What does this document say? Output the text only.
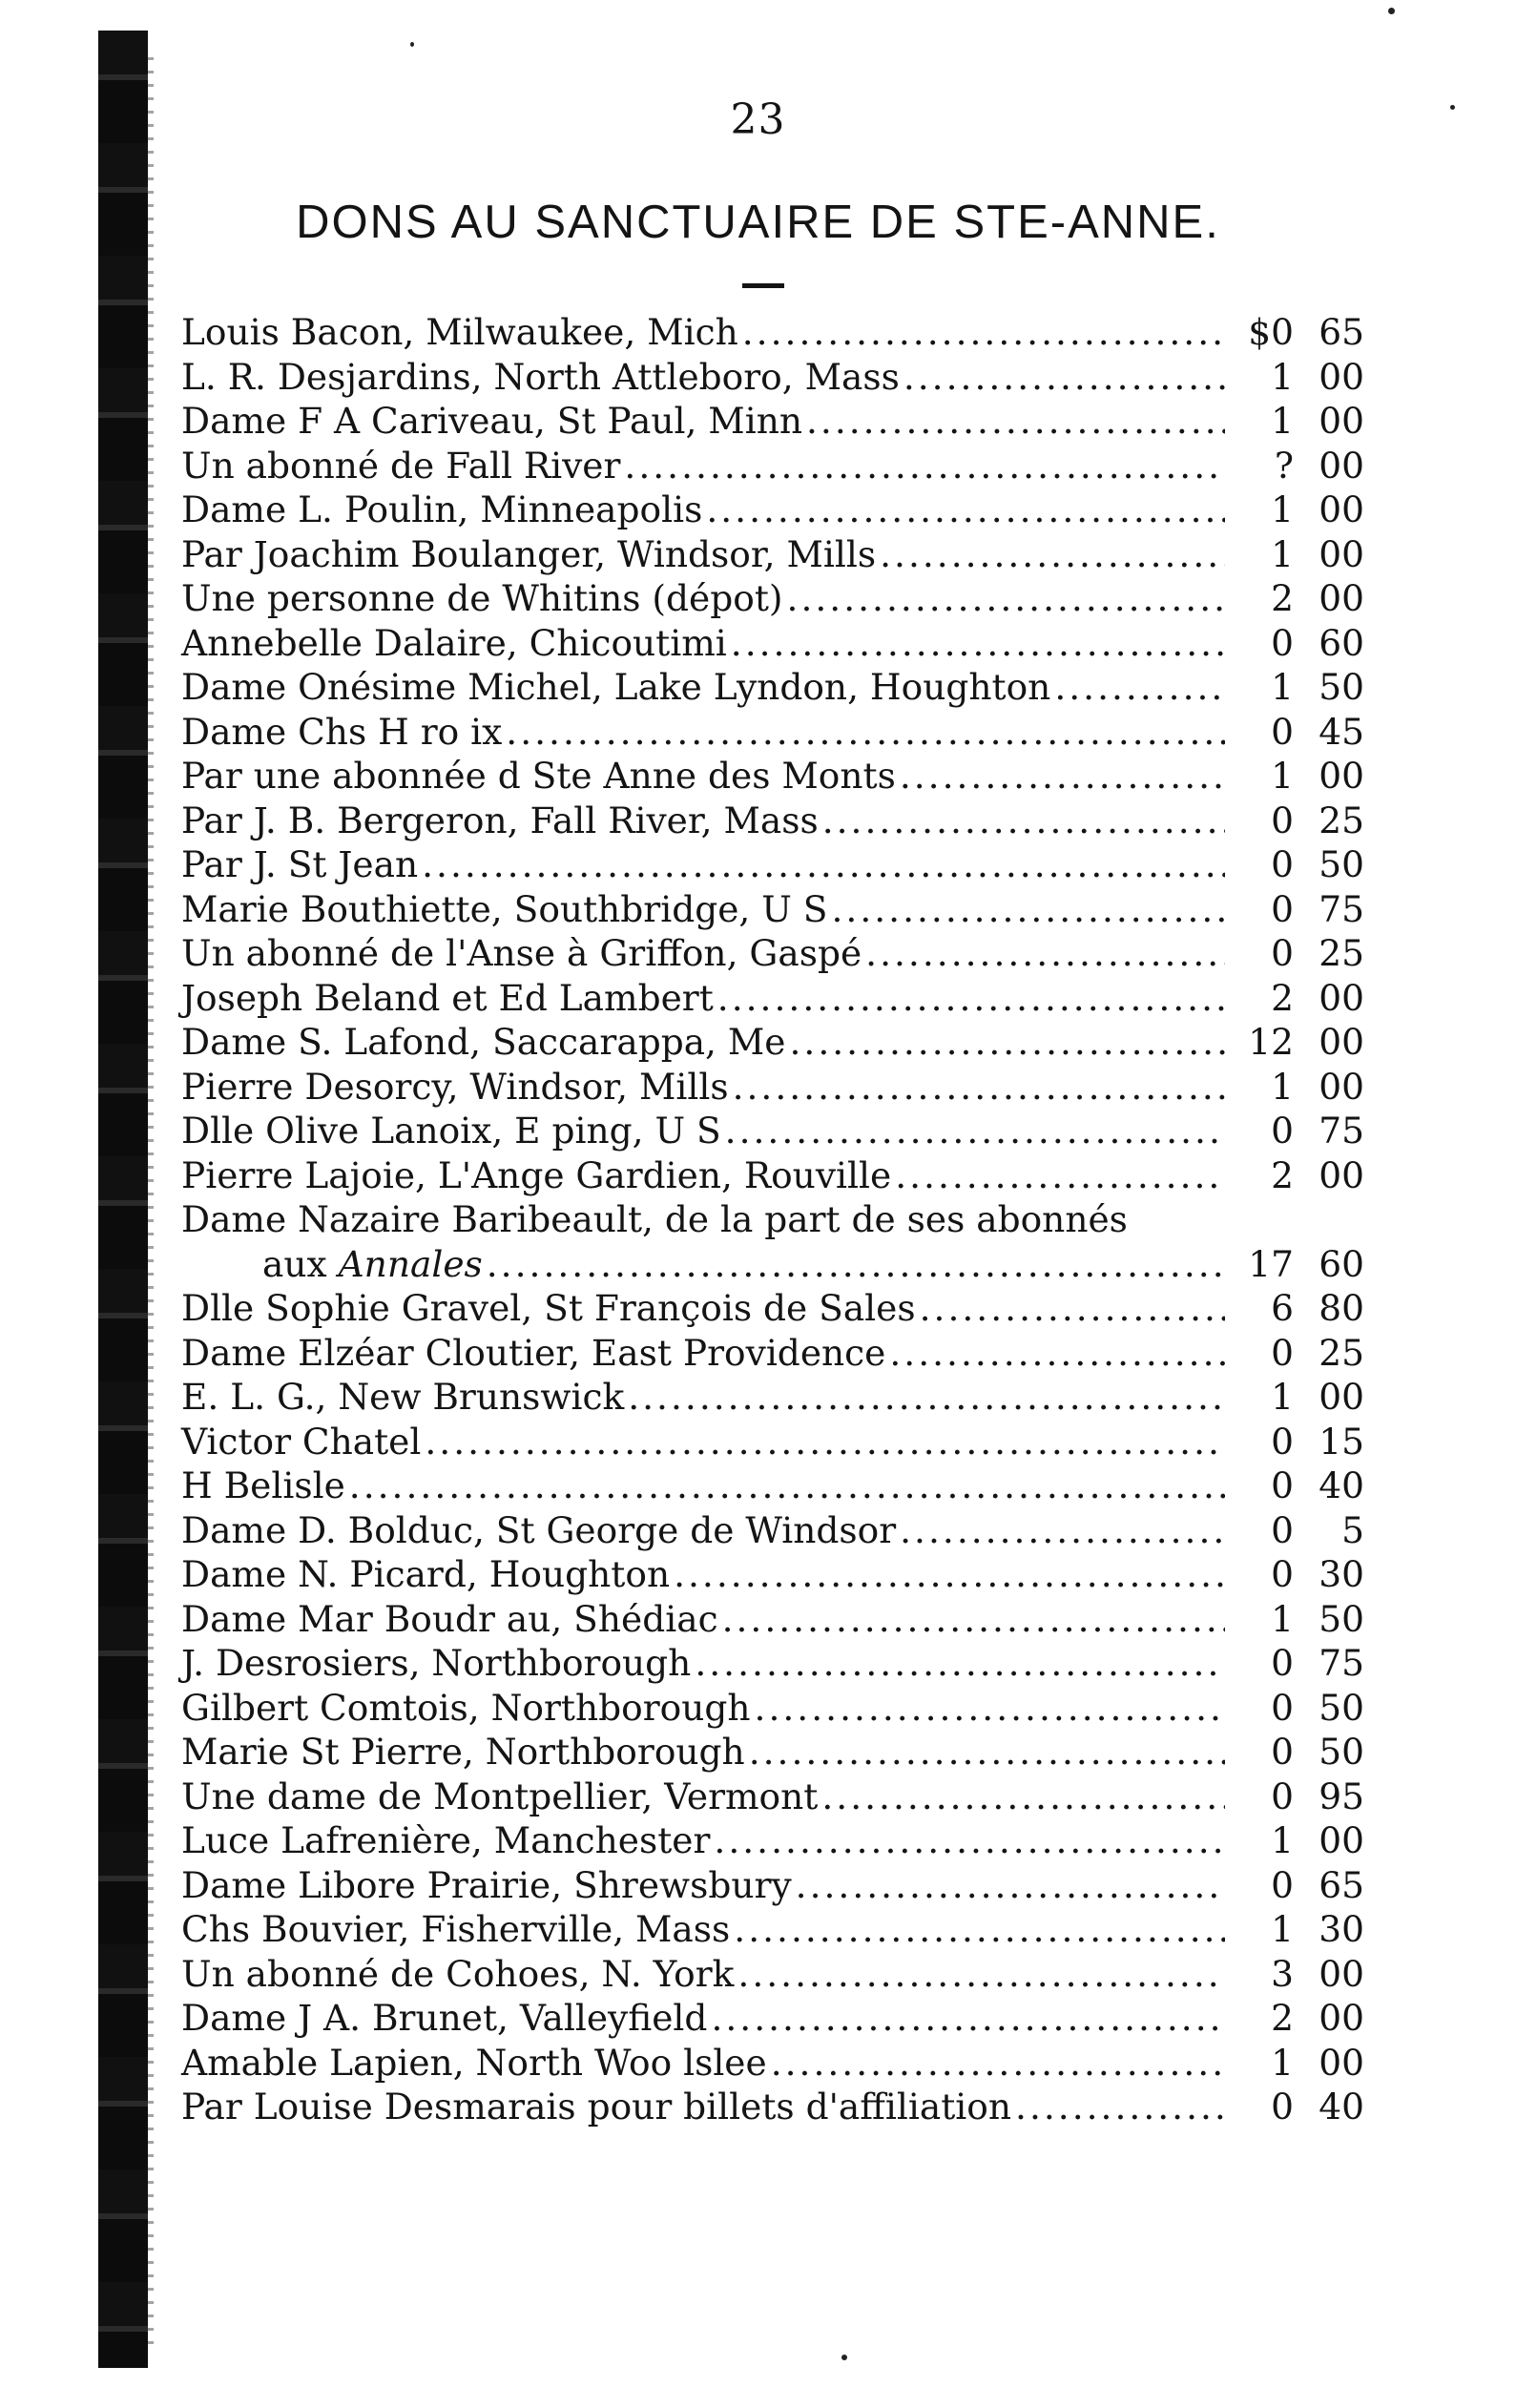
23
DONS AU SANCTUAIRE DE STE-ANNE.
Louis Bacon, Milwaukee, Mich .....	$0 65
L. R. Desjardins, North Attleboro, Mass .....	1 00
Dame F A Cariveau, St Paul, Minn .....	1 00
Un abonné de Fall River .....	? 00
Dame L. Poulin, Minneapolis .....	1 00
Par Joachim Boulanger, Windsor, Mills .....	1 00
Une personne de Whitins (dépot) .....	2 00
Annebelle Dalaire, Chicoutimi .....	0 60
Dame Onésime Michel, Lake Lyndon, Houghton .....	1 50
Dame Chs H ro ix .....	0 45
Par une abonnée d Ste Anne des Monts .....	1 00
Par J. B. Bergeron, Fall River, Mass .....	0 25
Par J. St Jean .....	0 50
Marie Bouthiette, Southbridge, U S .....	0 75
Un abonné de l'Anse à Griffon, Gaspé .....	0 25
Joseph Beland et Ed Lambert .....	2 00
Dame S. Lafond, Saccarappa, Me .....	12 00
Pierre Desorcy, Windsor, Mills .....	1 00
Dlle Olive Lanoix, E ping, U S .....	0 75
Pierre Lajoie, L'Ange Gardien, Rouville .....	2 00
Dame Nazaire Baribeault, de la part de ses abonnés
aux Annales .....	17 60
Dlle Sophie Gravel, St François de Sales .....	6 80
Dame Elzéar Cloutier, East Providence .....	0 25
E. L. G., New Brunswick .....	1 00
Victor Chatel .....	0 15
H Belisle .....	0 40
Dame D. Bolduc, St George de Windsor .....	0	5
Dame N. Picard, Houghton .....	0 30
Dame Mar Boudr au, Shédiac .....	1 50
J. Desrosiers, Northborough .....	0 75
Gilbert Comtois, Northborough .....	0 50
Marie St Pierre, Northborough .....	0 50
Une dame de Montpellier, Vermont .....	0 95
Luce Lafrenière, Manchester .....	1 00
Dame Libore Prairie, Shrewsbury .....	0 65
Chs Bouvier, Fisherville, Mass .....	1 30
Un abonné de Cohoes, N. York .....	3 00
Dame J A. Brunet, Valleyfield .....	2 00
Amable Lapien, North Woo lslee .....	1 00
Par Louise Desmarais pour billets d'affiliation .....	0 40
